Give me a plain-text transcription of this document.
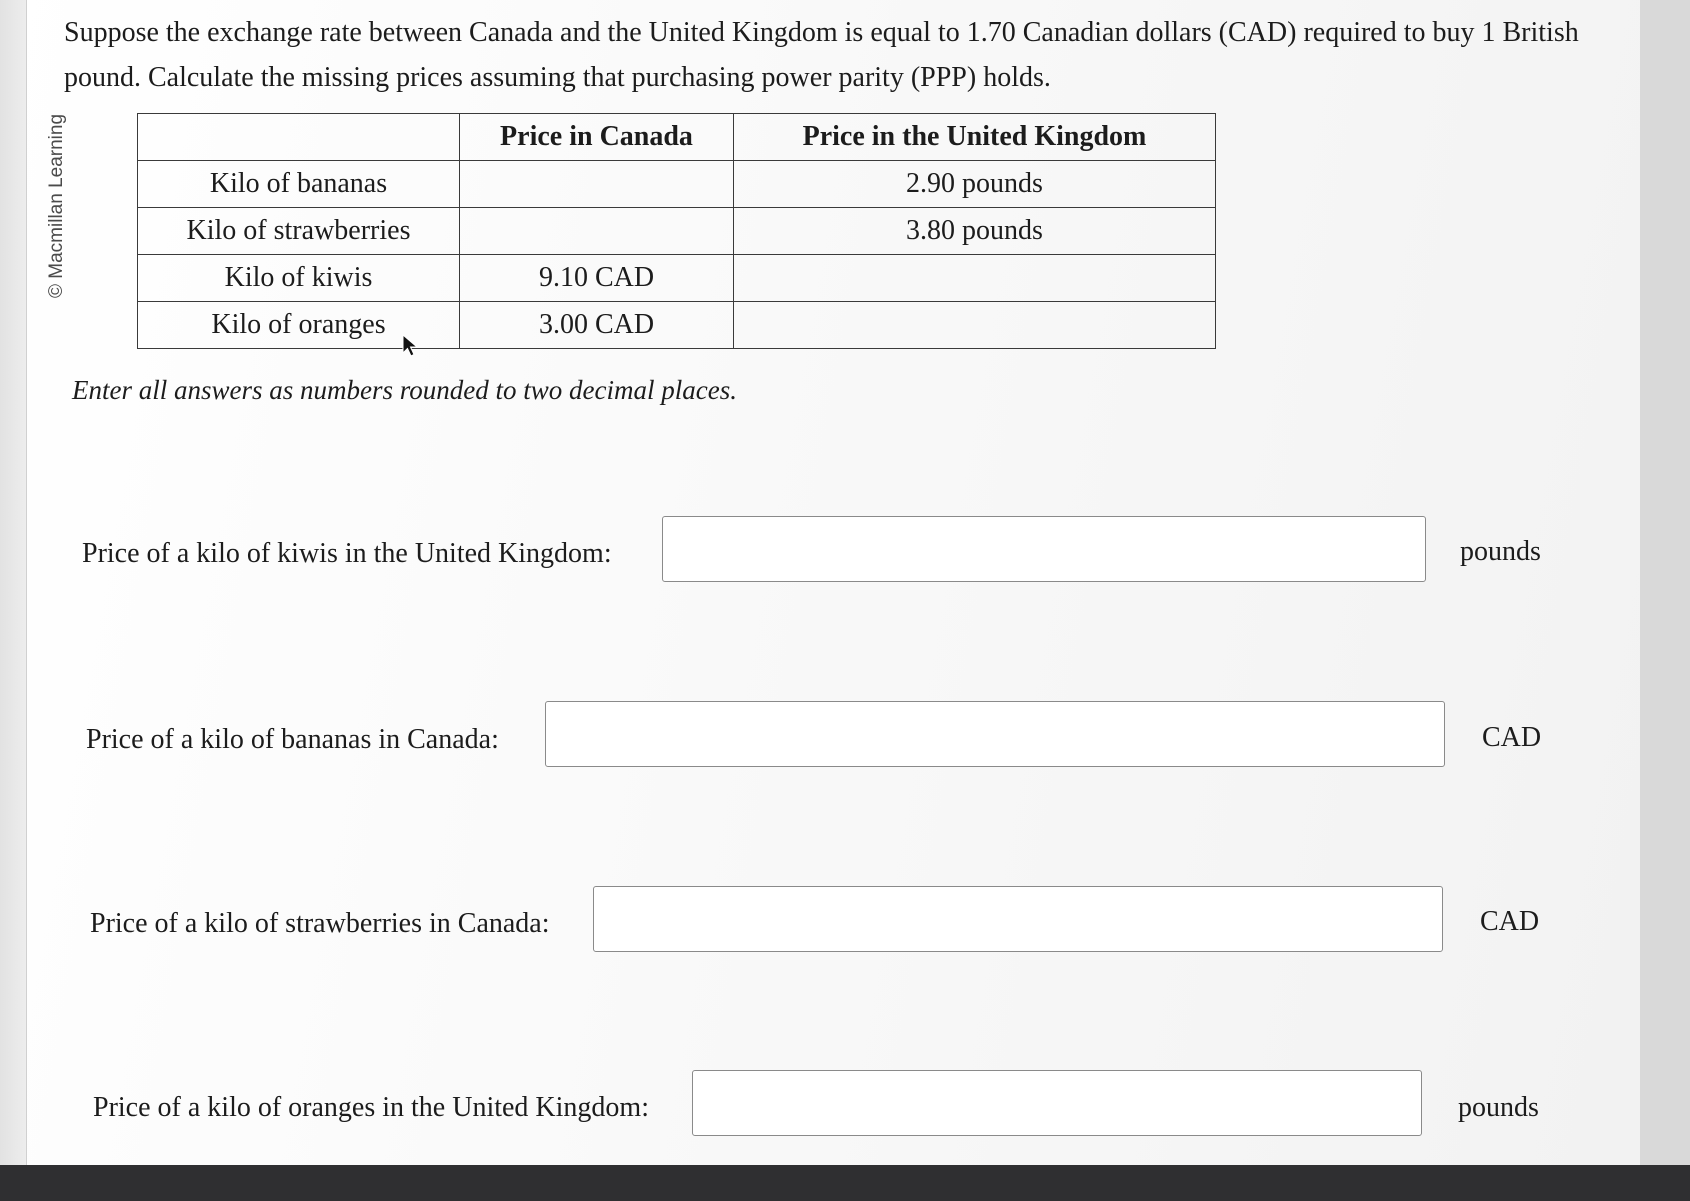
© Macmillan Learning
Suppose the exchange rate between Canada and the United Kingdom is equal to 1.70 Canadian dollars (CAD) required to buy 1 British pound. Calculate the missing prices assuming that purchasing power parity (PPP) holds.
	Price in Canada	Price in the United Kingdom
Kilo of bananas		2.90 pounds
Kilo of strawberries		3.80 pounds
Kilo of kiwis	9.10 CAD	
Kilo of oranges	3.00 CAD	
Enter all answers as numbers rounded to two decimal places.
Price of a kilo of kiwis in the United Kingdom:	pounds
Price of a kilo of bananas in Canada:	CAD
Price of a kilo of strawberries in Canada:	CAD
Price of a kilo of oranges in the United Kingdom:	pounds
